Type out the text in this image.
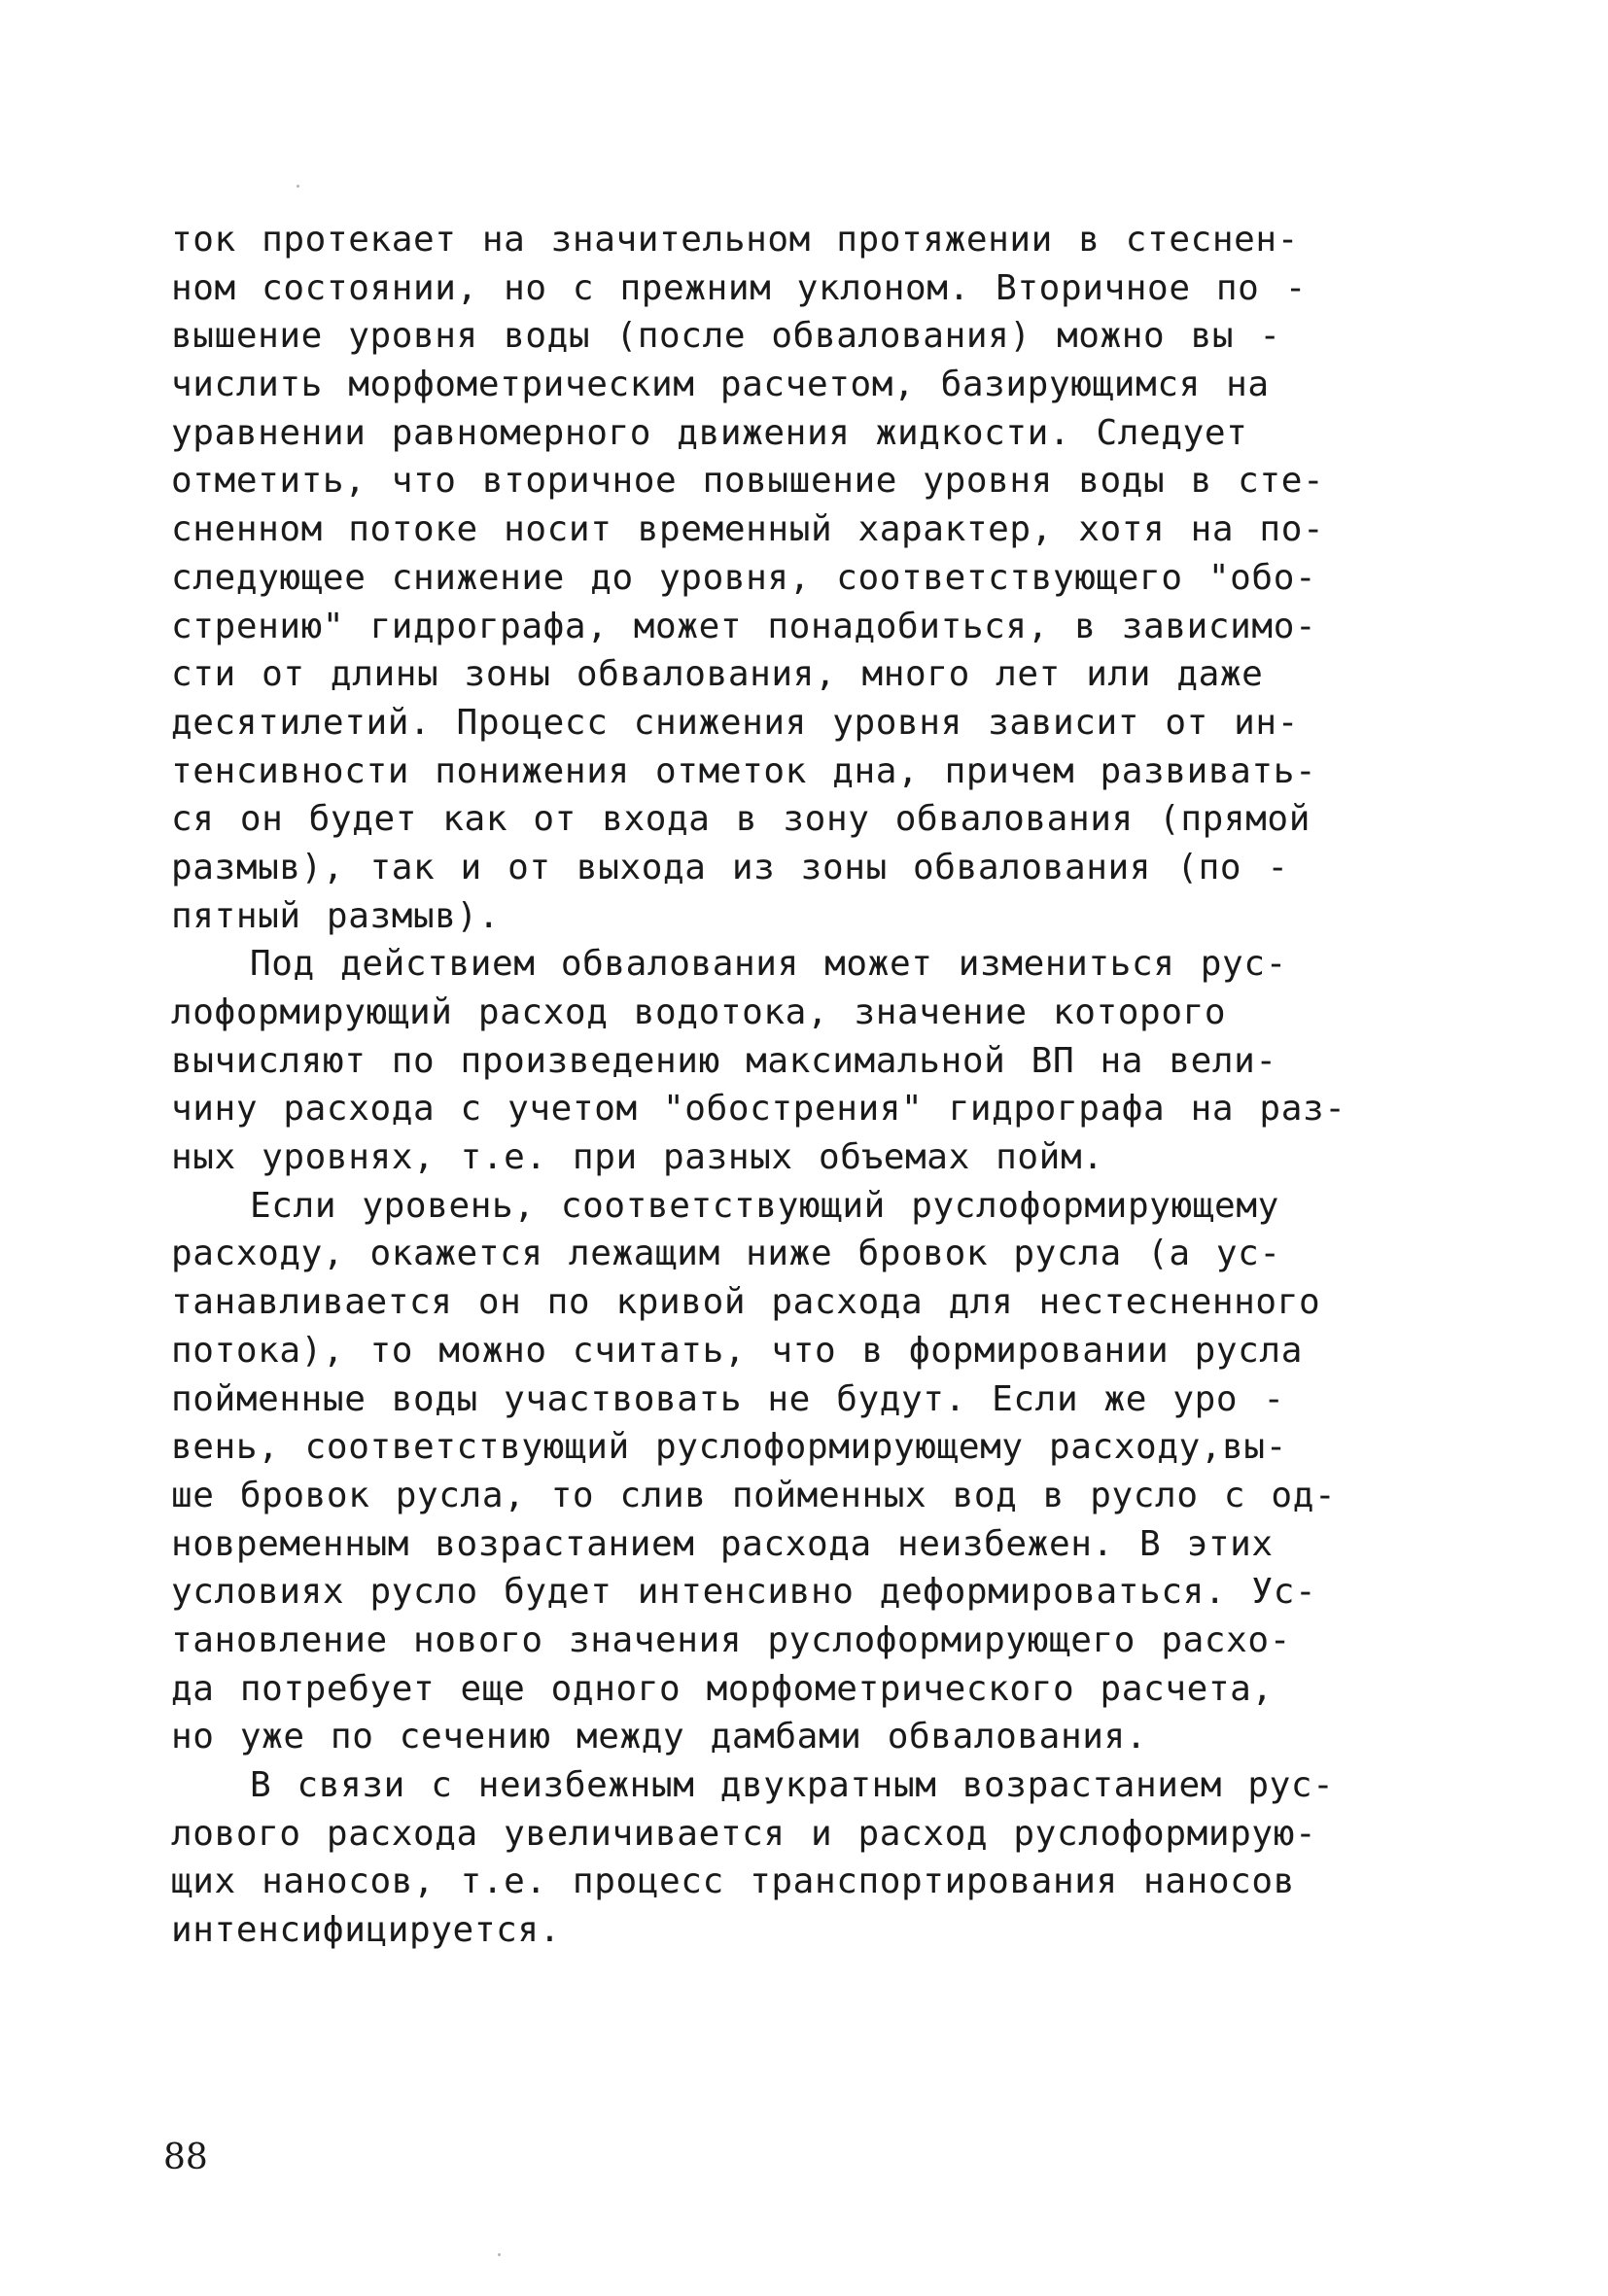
ток протекает на значительном протяжении в стеснен-
ном состоянии, но с прежним уклоном. Вторичное по -
вышение уровня воды (после обвалования) можно вы -
числить морфометрическим расчетом, базирующимся на
уравнении равномерного движения жидкости. Следует
отметить, что вторичное повышение уровня воды в сте-
сненном потоке носит временный характер, хотя на по-
следующее снижение до уровня, соответствующего "обо-
стрению" гидрографа, может понадобиться, в зависимо-
сти от длины зоны обвалования, много лет или даже
десятилетий. Процесс снижения уровня зависит от ин-
тенсивности понижения отметок дна, причем развивать-
ся он будет как от входа в зону обвалования (прямой
размыв), так и от выхода из зоны обвалования (по -
пятный размыв).
Под действием обвалования может измениться рус-
лоформирующий расход водотока, значение которого
вычисляют по произведению максимальной ВП на вели-
чину расхода с учетом "обострения" гидрографа на раз-
ных уровнях, т.е. при разных объемах пойм.
Если уровень, соответствующий руслоформирующему
расходу, окажется лежащим ниже бровок русла (а ус-
танавливается он по кривой расхода для нестесненного
потока), то можно считать, что в формировании русла
пойменные воды участвовать не будут. Если же уро -
вень, соответствующий руслоформирующему расходу,вы-
ше бровок русла, то слив пойменных вод в русло с од-
новременным возрастанием расхода неизбежен. В этих
условиях русло будет интенсивно деформироваться. Ус-
тановление нового значения руслоформирующего расхо-
да потребует еще одного морфометрического расчета,
но уже по сечению между дамбами обвалования.
В связи с неизбежным двукратным возрастанием рус-
лового расхода увеличивается и расход руслоформирую-
щих наносов, т.е. процесс транспортирования наносов
интенсифицируется.
88
